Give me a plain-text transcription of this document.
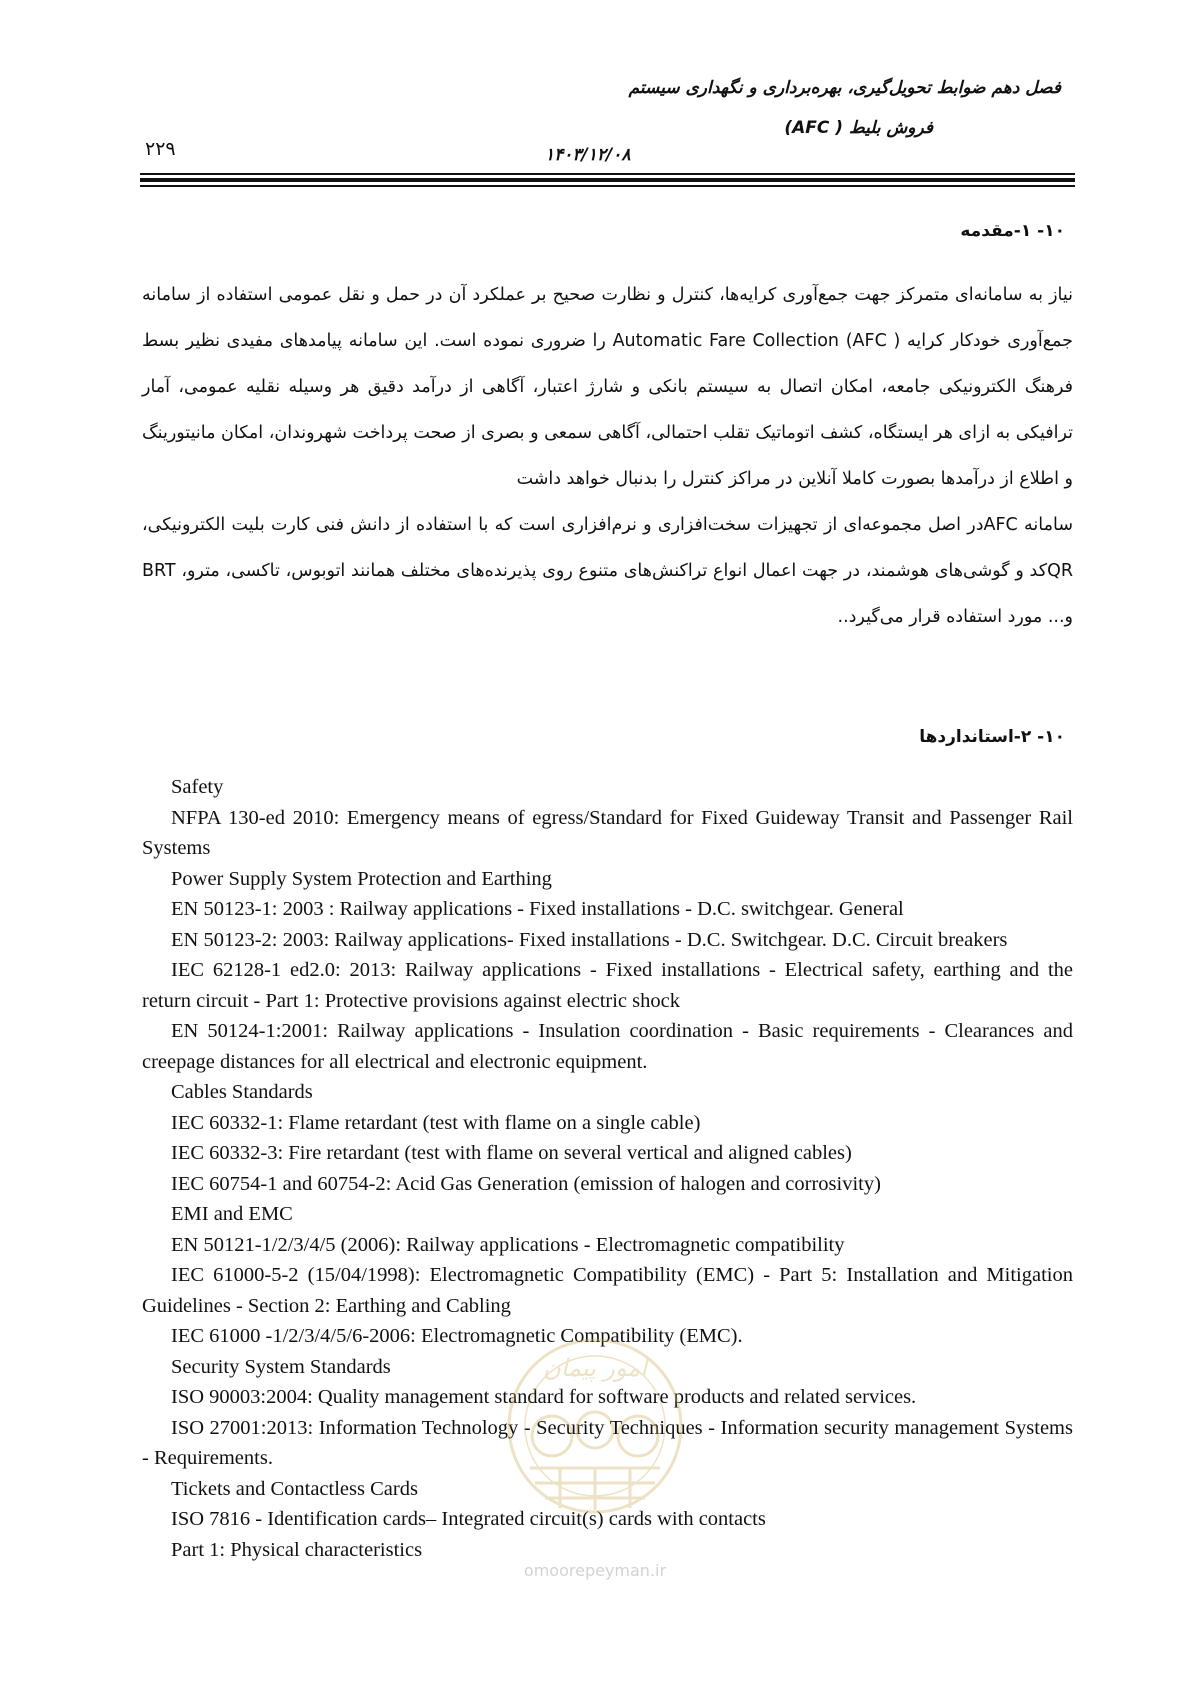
فصل دهم ضوابط تحویل‌گیری، بهره‌برداری و نگهداری سیستم
فروش بلیط ( AFC)
۲۲۹	۱۴۰۳/۱۲/۰۸
۱۰- ۱-مقدمه

نیاز به سامانه‌ای متمرکز جهت جمع‌آوری کرایه‌ها، کنترل و نظارت صحیح بر عملکرد آن در حمل و نقل عمومی استفاده از سامانه جمع‌آوری خودکار کرایه ( AFC) Automatic Fare Collection را ضروری نموده است. این سامانه پیامدهای مفیدی نظیر بسط فرهنگ الکترونیکی جامعه، امکان اتصال به سیستم بانکی و شارژ اعتبار، آگاهی از درآمد دقیق هر وسیله نقلیه عمومی، آمار ترافیکی به ازای هر ایستگاه، کشف اتوماتیک تقلب احتمالی، آگاهی سمعی و بصری از صحت پرداخت شهروندان، امکان مانیتورینگ و اطلاع از درآمدها بصورت کاملا آنلاین در مراکز کنترل را بدنبال خواهد داشت

سامانه AFCدر اصل مجموعه‌ای از تجهیزات سخت‌افزاری و نرم‌افزاری است که با استفاده از دانش فنی کارت بلیت الکترونیکی، QRکد و گوشی‌های هوشمند، در جهت اعمال انواع تراکنش‌های متنوع روی پذیرنده‌های مختلف همانند اتوبوس، تاکسی، مترو، BRT و... مورد استفاده قرار می‌گیرد..

۱۰- ۲-استانداردها

Safety

NFPA 130-ed 2010: Emergency means of egress/Standard for Fixed Guideway Transit and Passenger Rail Systems

Power Supply System Protection and Earthing

EN 50123-1: 2003 : Railway applications - Fixed installations - D.C. switchgear. General

EN 50123-2: 2003: Railway applications- Fixed installations - D.C. Switchgear. D.C. Circuit breakers

IEC 62128-1 ed2.0: 2013: Railway applications - Fixed installations - Electrical safety, earthing and the return circuit - Part 1: Protective provisions against electric shock

EN 50124-1:2001: Railway applications - Insulation coordination - Basic requirements - Clearances and creepage distances for all electrical and electronic equipment.

Cables Standards

IEC 60332-1: Flame retardant (test with flame on a single cable)

IEC 60332-3: Fire retardant (test with flame on several vertical and aligned cables)

IEC 60754-1 and 60754-2: Acid Gas Generation (emission of halogen and corrosivity)

EMI and EMC

EN 50121-1/2/3/4/5 (2006): Railway applications - Electromagnetic compatibility

IEC 61000-5-2 (15/04/1998): Electromagnetic Compatibility (EMC) - Part 5: Installation and Mitigation Guidelines - Section 2: Earthing and Cabling

IEC 61000 -1/2/3/4/5/6-2006: Electromagnetic Compatibility (EMC).

Security System Standards

ISO 90003:2004: Quality management standard for software products and related services.

ISO 27001:2013: Information Technology - Security Techniques - Information security management Systems - Requirements.

Tickets and Contactless Cards

ISO 7816 - Identification cards– Integrated circuit(s) cards with contacts

Part 1: Physical characteristics

امور پیمان
omoorepeyman.ir
